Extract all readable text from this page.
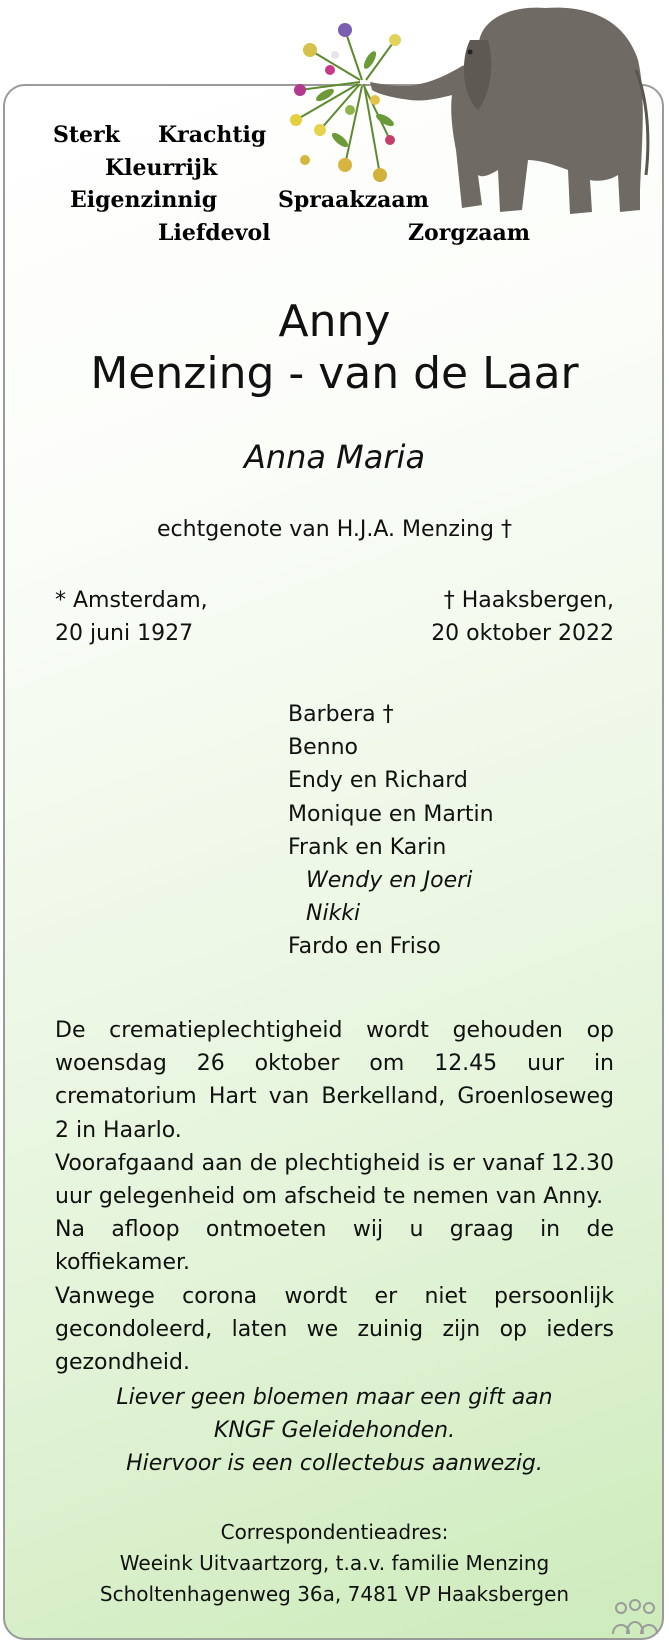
Sterk Krachtig
Kleurrijk
Eigenzinnig	Spraakzaam
Liefdevol	Zorgzaam
Anny
Menzing - van de Laar
Anna Maria
echtgenote van H.J.A. Menzing †
* Amsterdam,
20 juni 1927
† Haaksbergen,
20 oktober 2022
Barbera †
Benno
Endy en Richard
Monique en Martin
Frank en Karin
Wendy en Joeri
Nikki
Fardo en Friso

De crematieplechtigheid wordt gehouden op woensdag 26 oktober om 12.45 uur in crematorium Hart van Berkelland, Groenloseweg 2 in Haarlo.

Voorafgaand aan de plechtigheid is er vanaf 12.30 uur gelegenheid om afscheid te nemen van Anny.

Na afloop ontmoeten wij u graag in de koffiekamer.

Vanwege corona wordt er niet persoonlijk gecondoleerd, laten we zuinig zijn op ieders gezondheid.

Liever geen bloemen maar een gift aan
KNGF Geleidehonden.
Hiervoor is een collectebus aanwezig.
Correspondentieadres:
Weeink Uitvaartzorg, t.a.v. familie Menzing
Scholtenhagenweg 36a, 7481 VP Haaksbergen
